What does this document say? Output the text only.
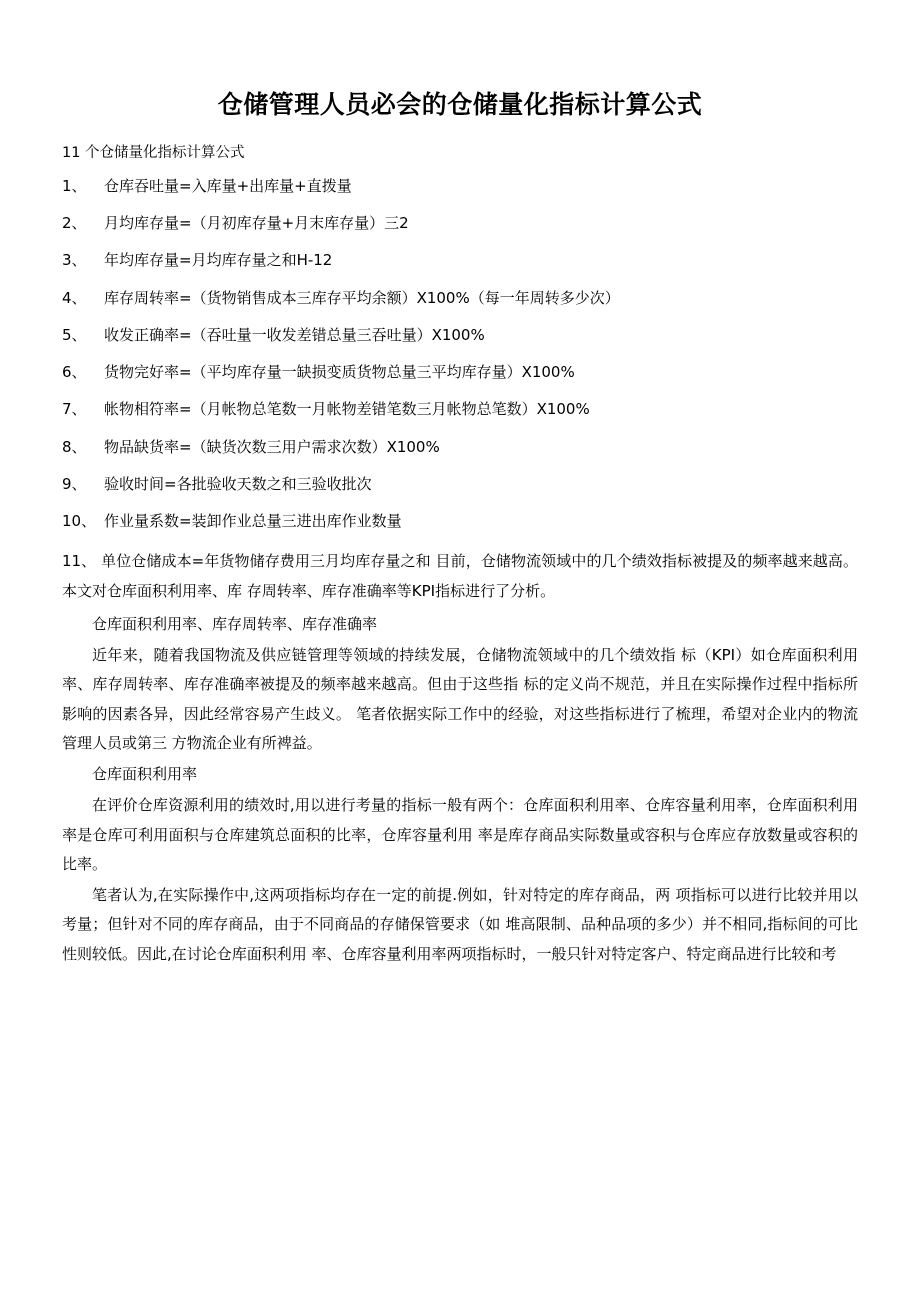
仓储管理人员必会的仓储量化指标计算公式
11 个仓储量化指标计算公式
1、	仓库吞吐量=入库量+出库量+直拨量
2、	月均库存量=（月初库存量+月末库存量）三2
3、	年均库存量=月均库存量之和H-12
4、	库存周转率=（货物销售成本三库存平均余额）X100%（每一年周转多少次）
5、	收发正确率=（吞吐量一收发差错总量三吞吐量）X100%
6、	货物完好率=（平均库存量一缺损变质货物总量三平均库存量）X100%
7、	帐物相符率=（月帐物总笔数一月帐物差错笔数三月帐物总笔数）X100%
8、	物品缺货率=（缺货次数三用户需求次数）X100%
9、	验收时间=各批验收天数之和三验收批次
10、 作业量系数=装卸作业总量三进出库作业数量
11、 单位仓储成本=年货物储存费用三月均库存量之和 目前，仓储物流领域中的几个绩效指标被提及的频率越来越高。本文对仓库面积利用率、库 存周转率、库存准确率等KPI指标进行了分析。
仓库面积利用率、库存周转率、库存准确率

近年来，随着我国物流及供应链管理等领域的持续发展，仓储物流领域中的几个绩效指 标（KPI）如仓库面积利用率、库存周转率、库存准确率被提及的频率越来越高。但由于这些指 标的定义尚不规范，并且在实际操作过程中指标所影响的因素各异，因此经常容易产生歧义。 笔者依据实际工作中的经验，对这些指标进行了梳理，希望对企业内的物流管理人员或第三 方物流企业有所裨益。

仓库面积利用率

在评价仓库资源利用的绩效时,用以进行考量的指标一般有两个：仓库面积利用率、仓库容量利用率，仓库面积利用率是仓库可利用面积与仓库建筑总面积的比率，仓库容量利用 率是库存商品实际数量或容积与仓库应存放数量或容积的比率。

笔者认为,在实际操作中,这两项指标均存在一定的前提.例如，针对特定的库存商品，两 项指标可以进行比较并用以考量；但针对不同的库存商品，由于不同商品的存储保管要求（如 堆高限制、品种品项的多少）并不相同,指标间的可比性则较低。因此,在讨论仓库面积利用 率、仓库容量利用率两项指标时，一般只针对特定客户、特定商品进行比较和考
